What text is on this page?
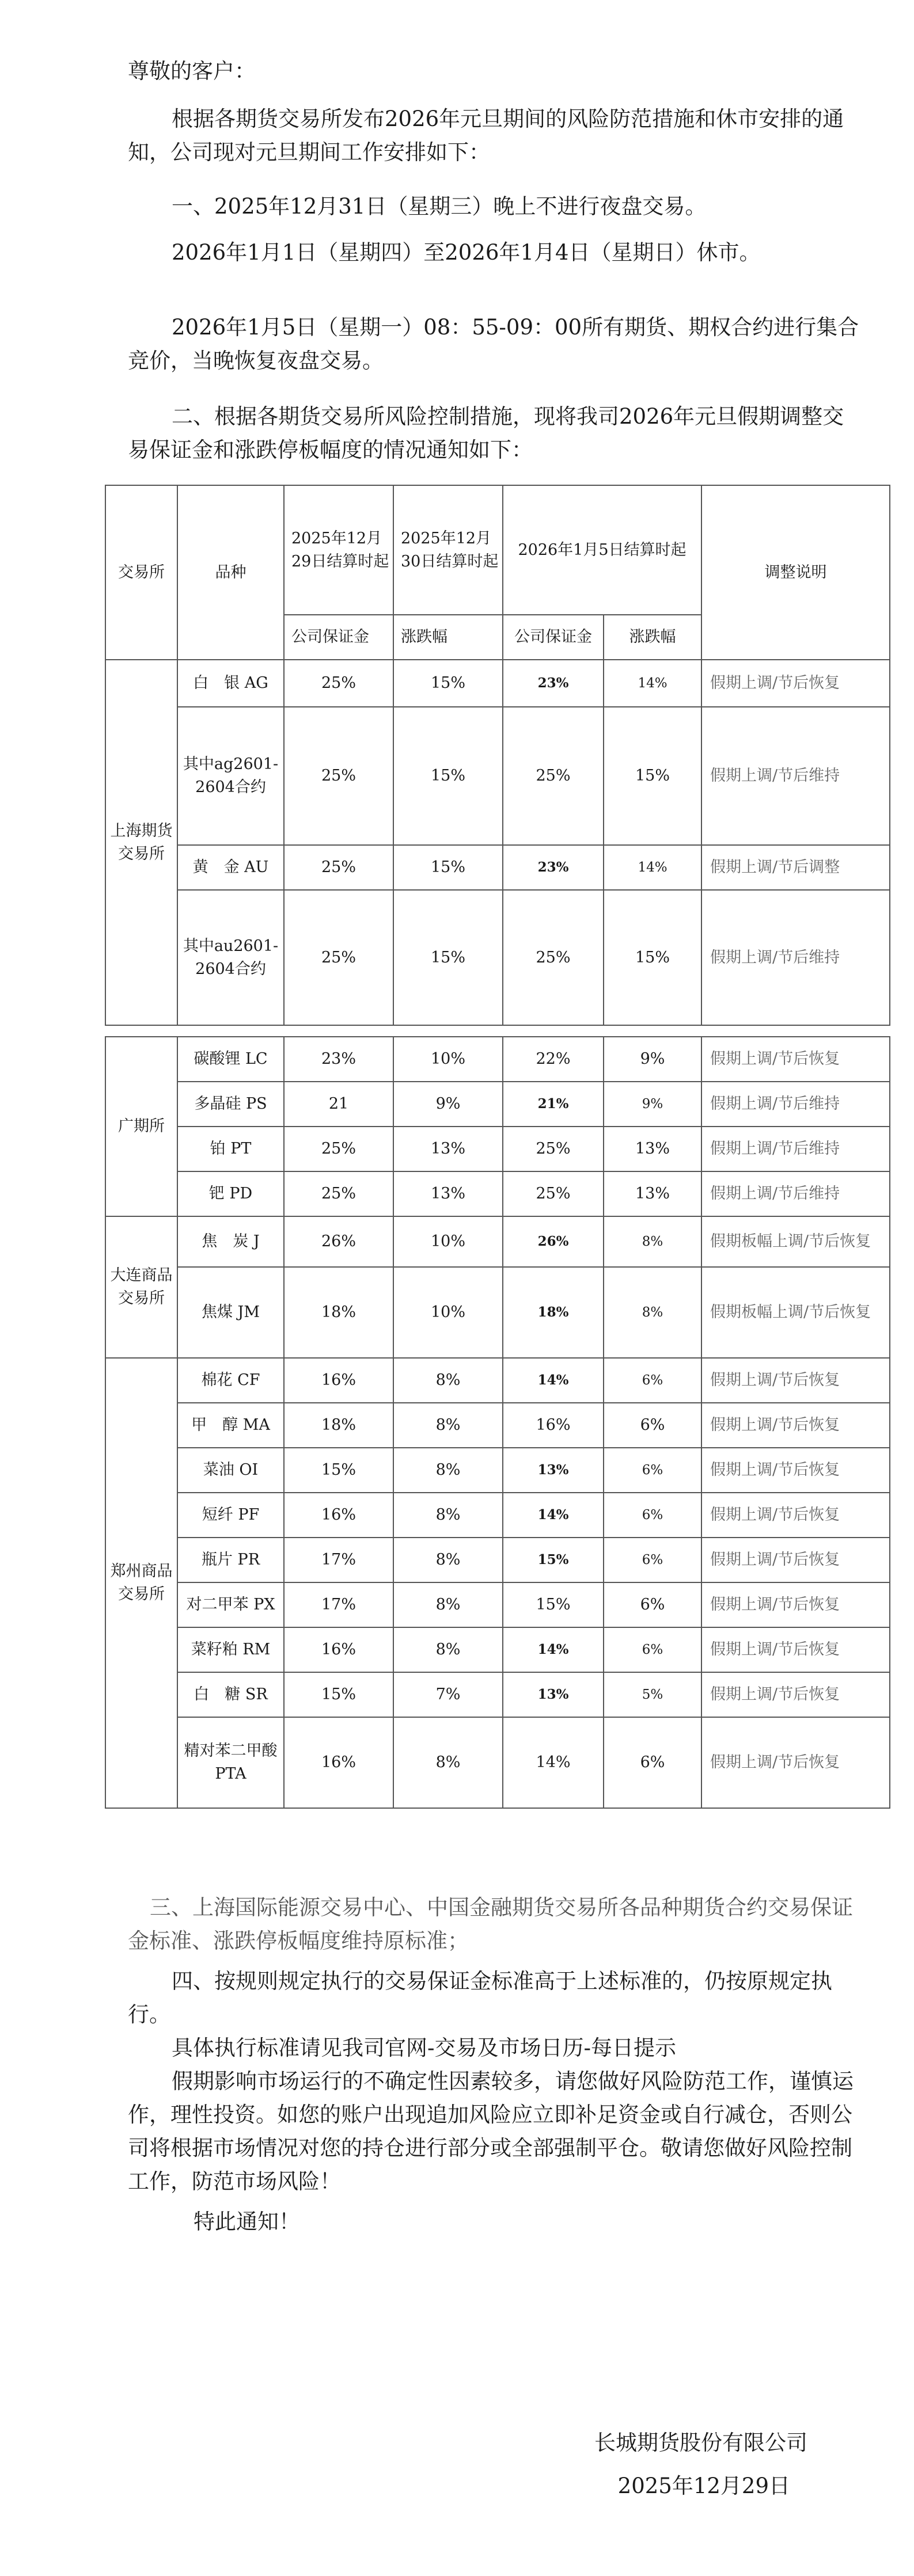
尊敬的客户：

根据各期货交易所发布2026年元旦期间的风险防范措施和休市安排的通知，公司现对元旦期间工作安排如下：

一、2025年12月31日（星期三）晚上不进行夜盘交易。

2026年1月1日（星期四）至2026年1月4日（星期日）休市。

2026年1月5日（星期一）08：55-09：00所有期货、期权合约进行集合竞价，当晚恢复夜盘交易。

二、根据各期货交易所风险控制措施，现将我司2026年元旦假期调整交易保证金和涨跌停板幅度的情况通知如下：

交易所	品种	2025年12月29日结算时起	2025年12月30日结算时起	2026年1月5日结算时起		调整说明
		公司保证金	涨跌幅	公司保证金	涨跌幅	
上海期货交易所	白　银 AG	25%	15%	23%	14%	假期上调/节后恢复
	其中ag2601-2604合约	25%	15%	25%	15%	假期上调/节后维持
	黄　金 AU	25%	15%	23%	14%	假期上调/节后调整
	其中au2601-2604合约	25%	15%	25%	15%	假期上调/节后维持
广期所	碳酸锂 LC	23%	10%	22%	9%	假期上调/节后恢复
	多晶硅 PS	21	9%	21%	9%	假期上调/节后维持
	铂 PT	25%	13%	25%	13%	假期上调/节后维持
	钯 PD	25%	13%	25%	13%	假期上调/节后维持
大连商品交易所	焦　炭 J	26%	10%	26%	8%	假期板幅上调/节后恢复
	焦煤 JM	18%	10%	18%	8%	假期板幅上调/节后恢复
郑州商品交易所	棉花 CF	16%	8%	14%	6%	假期上调/节后恢复
	甲　醇 MA	18%	8%	16%	6%	假期上调/节后恢复
	菜油 OI	15%	8%	13%	6%	假期上调/节后恢复
	短纤 PF	16%	8%	14%	6%	假期上调/节后恢复
	瓶片 PR	17%	8%	15%	6%	假期上调/节后恢复
	对二甲苯 PX	17%	8%	15%	6%	假期上调/节后恢复
	菜籽粕 RM	16%	8%	14%	6%	假期上调/节后恢复
	白　糖 SR	15%	7%	13%	5%	假期上调/节后恢复
	精对苯二甲酸PTA	16%	8%	14%	6%	假期上调/节后恢复

三、上海国际能源交易中心、中国金融期货交易所各品种期货合约交易保证金标准、涨跌停板幅度维持原标准；

四、按规则规定执行的交易保证金标准高于上述标准的，仍按原规定执行。

具体执行标准请见我司官网-交易及市场日历-每日提示

假期影响市场运行的不确定性因素较多，请您做好风险防范工作，谨慎运作，理性投资。如您的账户出现追加风险应立即补足资金或自行减仓，否则公司将根据市场情况对您的持仓进行部分或全部强制平仓。敬请您做好风险控制工作，防范市场风险！

特此通知！

长城期货股份有限公司

2025年12月29日
